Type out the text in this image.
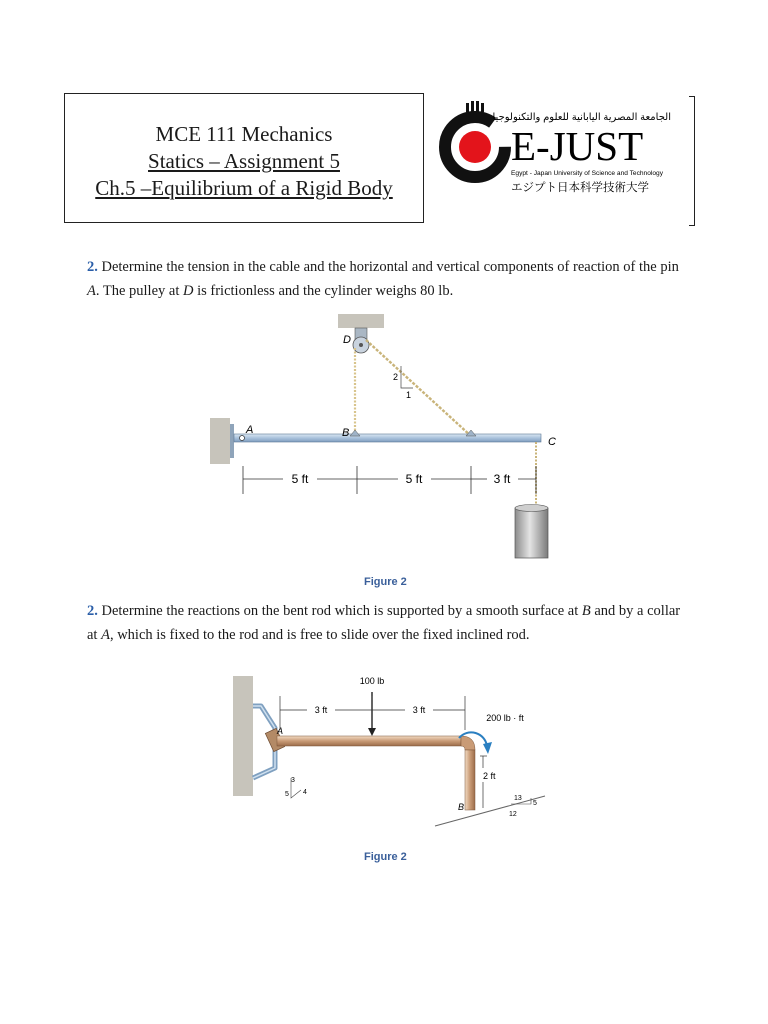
MCE 111 Mechanics
Statics – Assignment 5
Ch.5 –Equilibrium of a Rigid Body
الجامعة المصرية اليابانية للعلوم والتكنولوجيا
E-JUST
Egypt - Japan University of Science and Technology
エジプト日本科学技術大学
2. Determine the tension in the cable and the horizontal and vertical components of reaction of the pin A. The pulley at D is frictionless and the cylinder weighs 80 lb.
2
1
A	B
C
D
5 ft	5 ft	3 ft
Figure 2
2. Determine the reactions on the bent rod which is supported by a smooth surface at B and by a collar at A, which is fixed to the rod and is free to slide over the fixed inclined rod.
A
B
13
5
12
3
5 4
100 lb
3 ft	3 ft
2 ft
200 lb · ft
Figure 2
